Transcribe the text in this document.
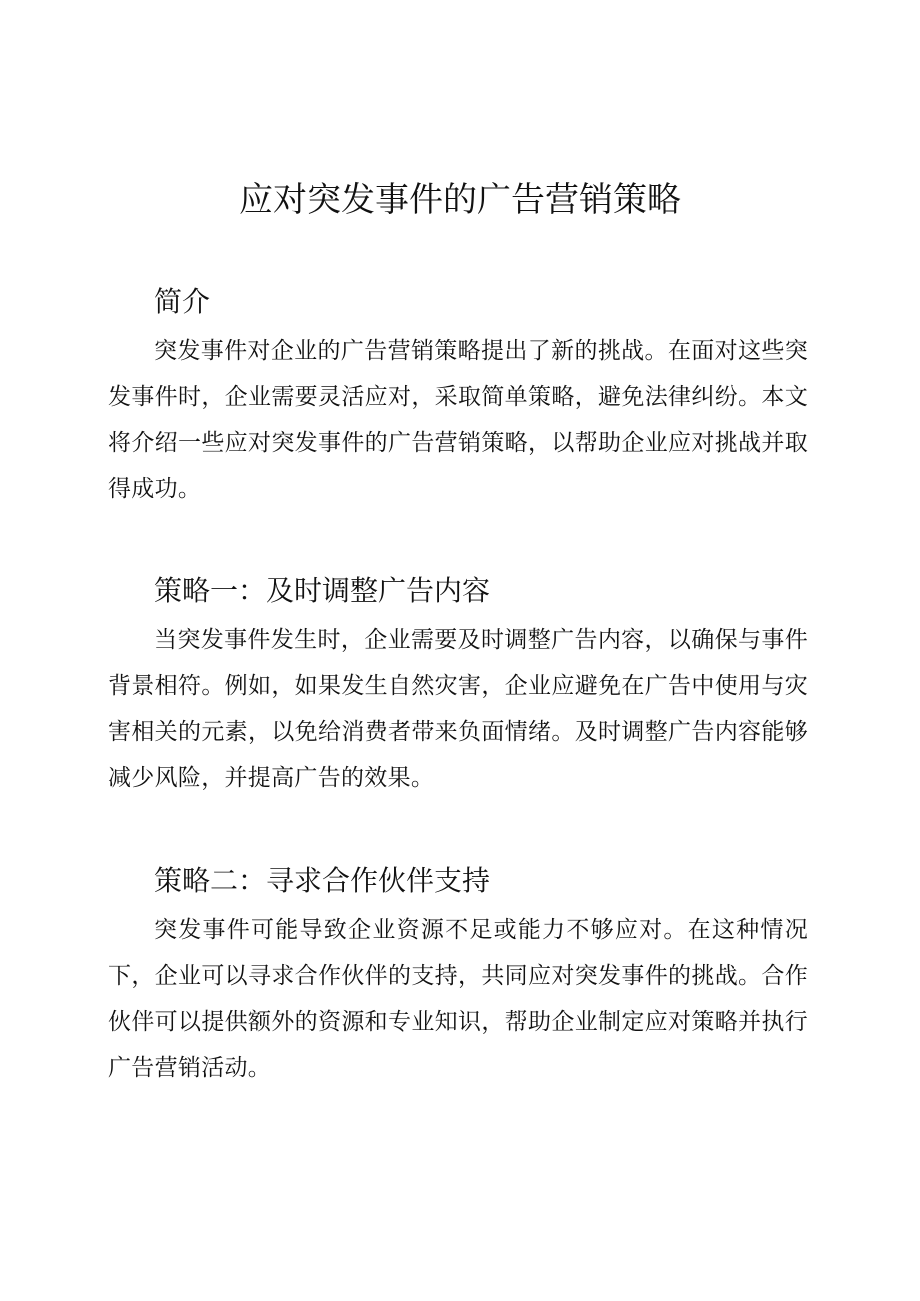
应对突发事件的广告营销策略
简介

突发事件对企业的广告营销策略提出了新的挑战。在面对这些突发事件时，企业需要灵活应对，采取简单策略，避免法律纠纷。本文将介绍一些应对突发事件的广告营销策略，以帮助企业应对挑战并取得成功。

策略一：及时调整广告内容

当突发事件发生时，企业需要及时调整广告内容，以确保与事件背景相符。例如，如果发生自然灾害，企业应避免在广告中使用与灾害相关的元素，以免给消费者带来负面情绪。及时调整广告内容能够减少风险，并提高广告的效果。

策略二：寻求合作伙伴支持

突发事件可能导致企业资源不足或能力不够应对。在这种情况下，企业可以寻求合作伙伴的支持，共同应对突发事件的挑战。合作伙伴可以提供额外的资源和专业知识，帮助企业制定应对策略并执行广告营销活动。
